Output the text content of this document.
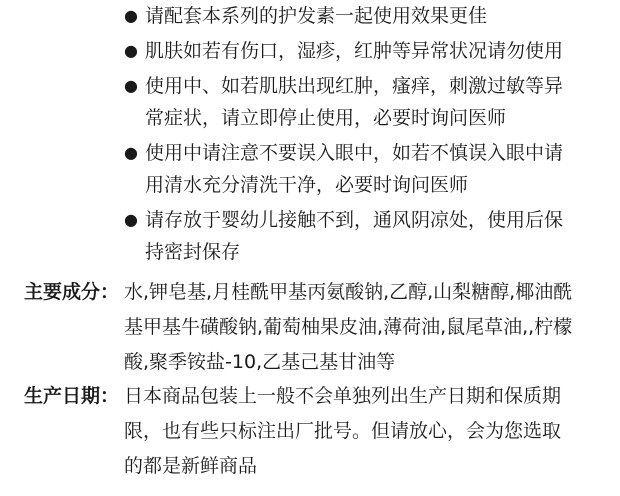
● 请配套本系列的护发素一起使用效果更佳
● 肌肤如若有伤口，湿疹，红肿等异常状况请勿使用
● 使用中、如若肌肤出现红肿，瘙痒，刺激过敏等异
常症状，请立即停止使用，必要时询问医师
● 使用中请注意不要误入眼中，如若不慎误入眼中请
用清水充分清洗干净，必要时询问医师
● 请存放于婴幼儿接触不到，通风阴凉处，使用后保
持密封保存
主要成分： 水,钾皂基,月桂酰甲基丙氨酸钠,乙醇,山梨糖醇,椰油酰
基甲基牛磺酸钠,葡萄柚果皮油,薄荷油,鼠尾草油,,柠檬
酸,聚季铵盐-10,乙基己基甘油等
生产日期： 日本商品包装上一般不会单独列出生产日期和保质期
限，也有些只标注出厂批号。但请放心，会为您选取
的都是新鲜商品
